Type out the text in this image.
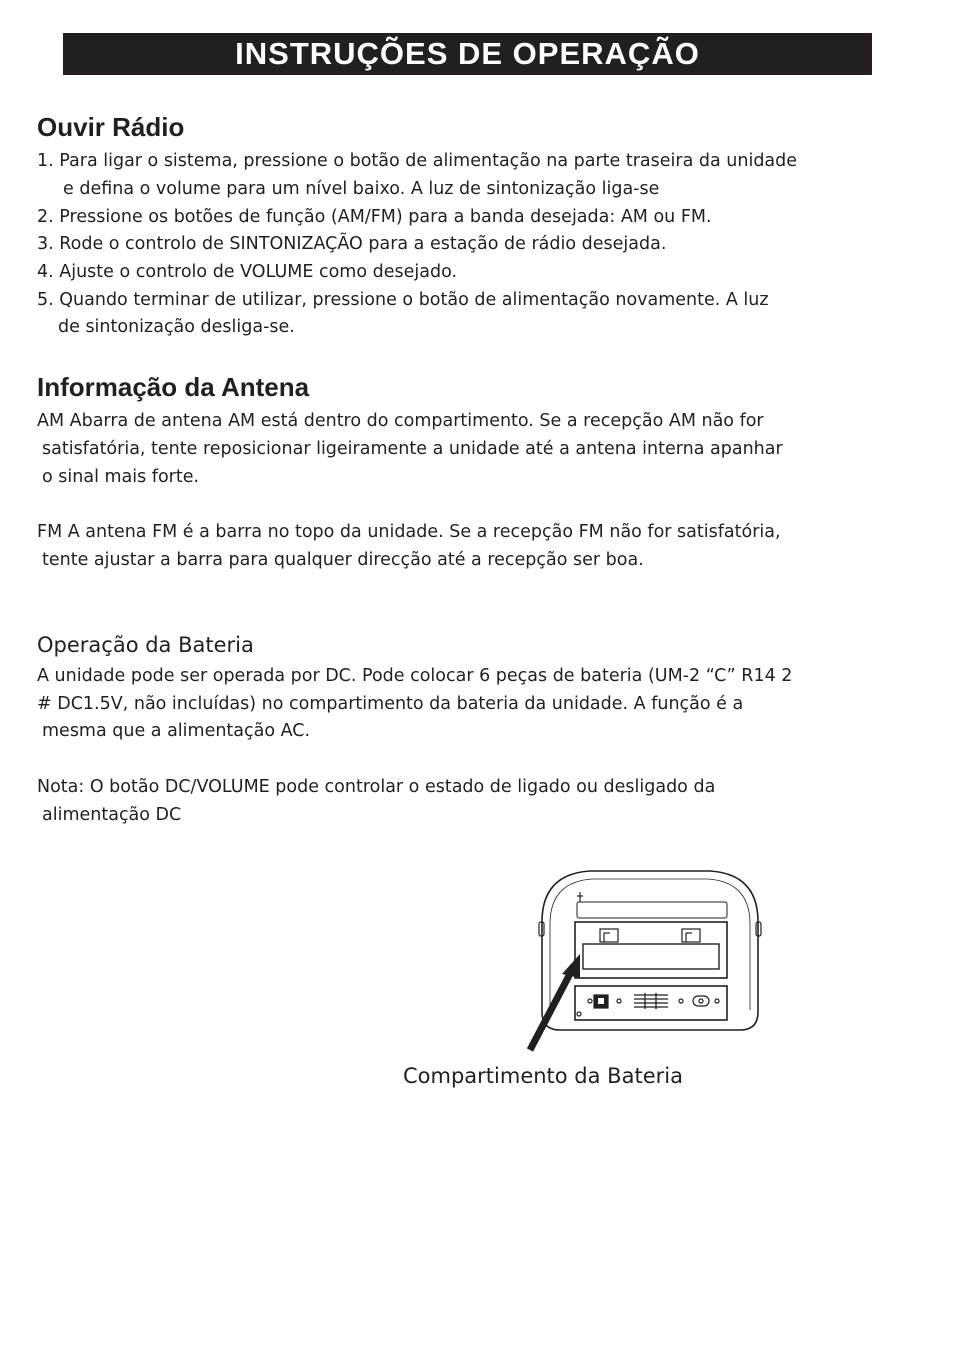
INSTRUÇÕES DE OPERAÇÃO
Ouvir Rádio
1. Para ligar o sistema, pressione o botão de alimentação na parte traseira da unidade
e defina o volume para um nível baixo. A luz de sintonização liga-se
2. Pressione os botões de função (AM/FM) para a banda desejada: AM ou FM.
3. Rode o controlo de SINTONIZAÇÃO para a estação de rádio desejada.
4. Ajuste o controlo de VOLUME como desejado.
5. Quando terminar de utilizar, pressione o botão de alimentação novamente. A luz
de sintonização desliga-se.
Informação da Antena
AM Abarra de antena AM está dentro do compartimento. Se a recepção AM não for
satisfatória, tente reposicionar ligeiramente a unidade até a antena interna apanhar
o sinal mais forte.
FM A antena FM é a barra no topo da unidade. Se a recepção FM não for satisfatória,
tente ajustar a barra para qualquer direcção até a recepção ser boa.
Operação da Bateria
A unidade pode ser operada por DC. Pode colocar 6 peças de bateria (UM-2 “C” R14 2
# DC1.5V, não incluídas) no compartimento da bateria da unidade. A função é a
mesma que a alimentação AC.
Nota: O botão DC/VOLUME pode controlar o estado de ligado ou desligado da
alimentação DC
Compartimento da Bateria
